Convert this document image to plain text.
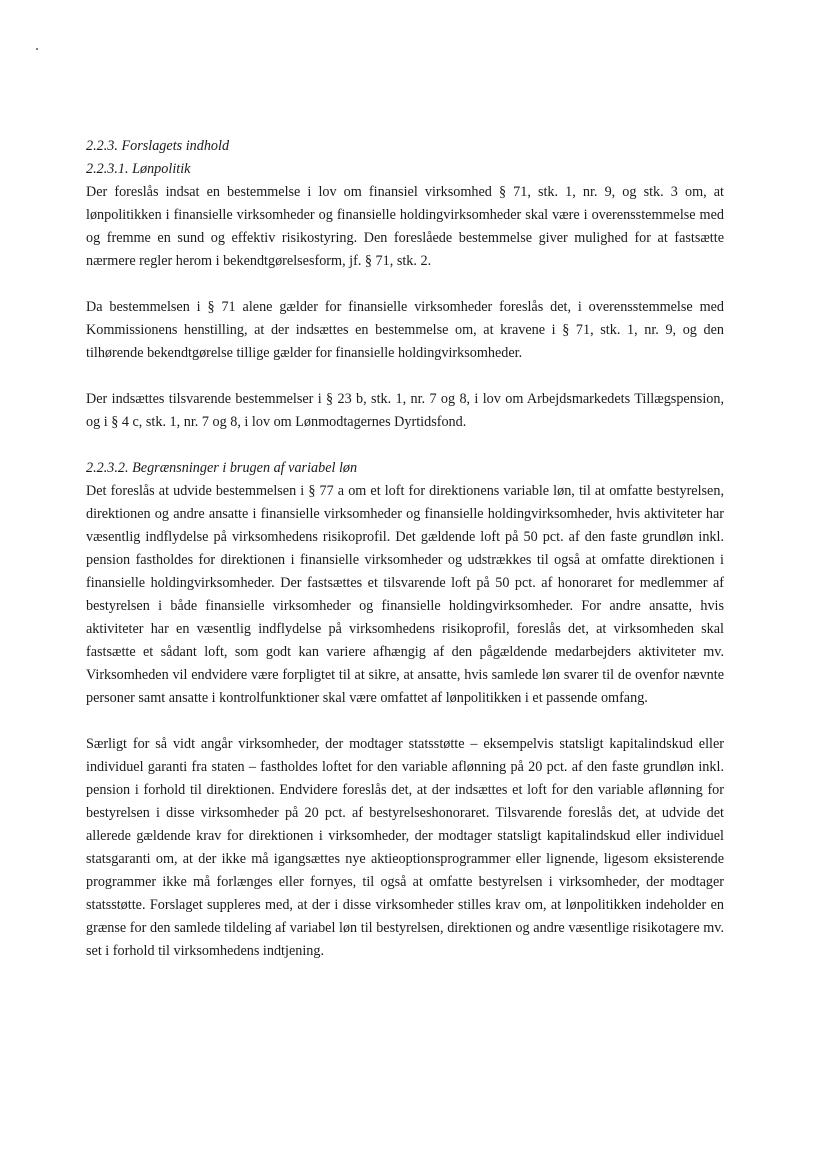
2.2.3. Forslagets indhold
2.2.3.1. Lønpolitik

Der foreslås indsat en bestemmelse i lov om finansiel virksomhed § 71, stk. 1, nr. 9, og stk. 3 om, at lønpolitikken i finansielle virksomheder og finansielle holdingvirksomheder skal være i overensstemmelse med og fremme en sund og effektiv risikostyring. Den foreslåede bestemmelse giver mulighed for at fastsætte nærmere regler herom i bekendtgørelsesform, jf. § 71, stk. 2.

Da bestemmelsen i § 71 alene gælder for finansielle virksomheder foreslås det, i overensstemmelse med Kommissionens henstilling, at der indsættes en bestemmelse om, at kravene i § 71, stk. 1, nr. 9, og den tilhørende bekendtgørelse tillige gælder for finansielle holdingvirksomheder.

Der indsættes tilsvarende bestemmelser i § 23 b, stk. 1, nr. 7 og 8, i lov om Arbejdsmarkedets Tillægspension, og i § 4 c, stk. 1, nr. 7 og 8, i lov om Lønmodtagernes Dyrtidsfond.

2.2.3.2. Begrænsninger i brugen af variabel løn

Det foreslås at udvide bestemmelsen i § 77 a om et loft for direktionens variable løn, til at omfatte bestyrelsen, direktionen og andre ansatte i finansielle virksomheder og finansielle holdingvirksomheder, hvis aktiviteter har væsentlig indflydelse på virksomhedens risikoprofil. Det gældende loft på 50 pct. af den faste grundløn inkl. pension fastholdes for direktionen i finansielle virksomheder og udstrækkes til også at omfatte direktionen i finansielle holdingvirksomheder. Der fastsættes et tilsvarende loft på 50 pct. af honoraret for medlemmer af bestyrelsen i både finansielle virksomheder og finansielle holdingvirksomheder. For andre ansatte, hvis aktiviteter har en væsentlig indflydelse på virksomhedens risikoprofil, foreslås det, at virksomheden skal fastsætte et sådant loft, som godt kan variere afhængig af den pågældende medarbejders aktiviteter mv. Virksomheden vil endvidere være forpligtet til at sikre, at ansatte, hvis samlede løn svarer til de ovenfor nævnte personer samt ansatte i kontrolfunktioner skal være omfattet af lønpolitikken i et passende omfang.

Særligt for så vidt angår virksomheder, der modtager statsstøtte – eksempelvis statsligt kapitalindskud eller individuel garanti fra staten – fastholdes loftet for den variable aflønning på 20 pct. af den faste grundløn inkl. pension i forhold til direktionen. Endvidere foreslås det, at der indsættes et loft for den variable aflønning for bestyrelsen i disse virksomheder på 20 pct. af bestyrelseshonoraret. Tilsvarende foreslås det, at udvide det allerede gældende krav for direktionen i virksomheder, der modtager statsligt kapitalindskud eller individuel statsgaranti om, at der ikke må igangsættes nye aktieoptionsprogrammer eller lignende, ligesom eksisterende programmer ikke må forlænges eller fornyes, til også at omfatte bestyrelsen i virksomheder, der modtager statsstøtte. Forslaget suppleres med, at der i disse virksomheder stilles krav om, at lønpolitikken indeholder en grænse for den samlede tildeling af variabel løn til bestyrelsen, direktionen og andre væsentlige risikotagere mv. set i forhold til virksomhedens indtjening.
